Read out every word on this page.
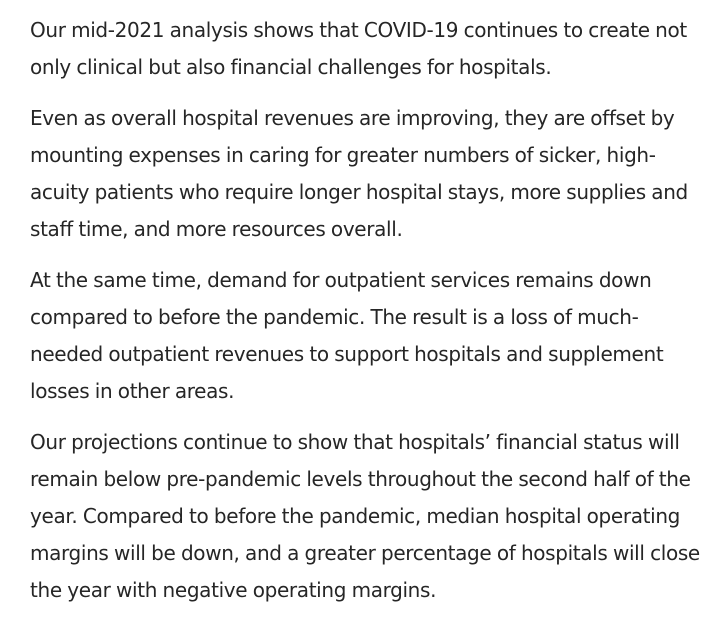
Our mid-2021 analysis shows that COVID-19 continues to create not only clinical but also financial challenges for hospitals.

Even as overall hospital revenues are improving, they are offset by mounting expenses in caring for greater numbers of sicker, high-acuity patients who require longer hospital stays, more supplies and staff time, and more resources overall.

At the same time, demand for outpatient services remains down compared to before the pandemic. The result is a loss of much-needed outpatient revenues to support hospitals and supplement losses in other areas.

Our projections continue to show that hospitals’ financial status will remain below pre-pandemic levels throughout the second half of the year. Compared to before the pandemic, median hospital operating margins will be down, and a greater percentage of hospitals will close the year with negative operating margins.
